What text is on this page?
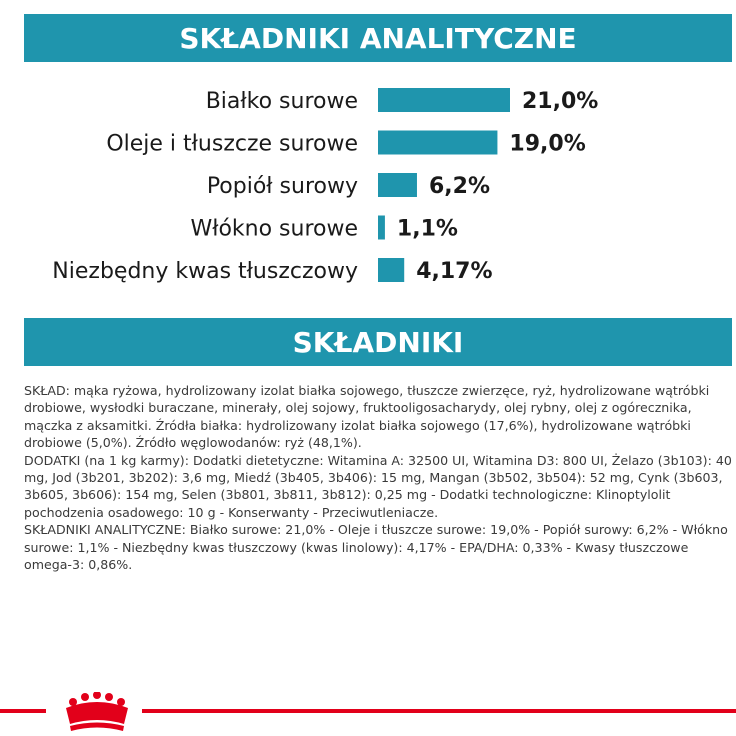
SKŁADNIKI ANALITYCZNE
Białko surowe	21,0%
Oleje i tłuszcze surowe	19,0%
Popiół surowy	6,2%
Włókno surowe 1,1%
Niezbędny kwas tłuszczowy	4,17%
SKŁADNIKI

SKŁAD: mąka ryżowa, hydrolizowany izolat białka sojowego, tłuszcze zwierzęce, ryż, hydrolizowane wątróbki drobiowe, wysłodki buraczane, minerały, olej sojowy, fruktooligosacharydy, olej rybny, olej z ogórecznika, mączka z aksamitki. Źródła białka: hydrolizowany izolat białka sojowego (17,6%), hydrolizowane wątróbki drobiowe (5,0%). Źródło węglowodanów: ryż (48,1%).

DODATKI (na 1 kg karmy): Dodatki dietetyczne: Witamina A: 32500 UI, Witamina D3: 800 UI, Żelazo (3b103): 40 mg, Jod (3b201, 3b202): 3,6 mg, Miedź (3b405, 3b406): 15 mg, Mangan (3b502, 3b504): 52 mg, Cynk (3b603, 3b605, 3b606): 154 mg, Selen (3b801, 3b811, 3b812): 0,25 mg - Dodatki technologiczne: Klinoptylolit pochodzenia osadowego: 10 g - Konserwanty - Przeciwutleniacze.

SKŁADNIKI ANALITYCZNE: Białko surowe: 21,0% - Oleje i tłuszcze surowe: 19,0% - Popiół surowy: 6,2% - Włókno surowe: 1,1% - Niezbędny kwas tłuszczowy (kwas linolowy): 4,17% - EPA/DHA: 0,33% - Kwasy tłuszczowe omega-3: 0,86%.
